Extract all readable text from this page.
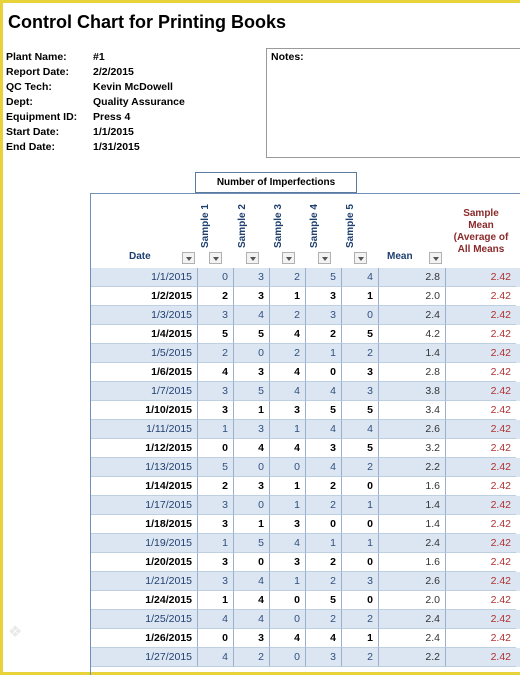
Control Chart for Printing Books
Plant Name:	#1
Report Date: 2/2/2015
QC Tech:	Kevin McDowell
Dept:	Quality Assurance
Equipment ID: Press 4
Start Date:	1/1/2015
End Date:	1/31/2015
Notes:
Number of Imperfections
Date
Sample 1	Sample 2	Sample 3	Sample 4	Sample 5
Mean
Sample Mean (Average of All Means
1/1/2015	0	3	2	5	4	2.8	2.42
1/2/2015	2	3	1	3	1	2.0	2.42
1/3/2015	3	4	2	3	0	2.4	2.42
1/4/2015	5	5	4	2	5	4.2	2.42
1/5/2015	2	0	2	1	2	1.4	2.42
1/6/2015	4	3	4	0	3	2.8	2.42
1/7/2015	3	5	4	4	3	3.8	2.42
1/10/2015	3	1	3	5	5	3.4	2.42
1/11/2015	1	3	1	4	4	2.6	2.42
1/12/2015	0	4	4	3	5	3.2	2.42
1/13/2015	5	0	0	4	2	2.2	2.42
1/14/2015	2	3	1	2	0	1.6	2.42
1/17/2015	3	0	1	2	1	1.4	2.42
1/18/2015	3	1	3	0	0	1.4	2.42
1/19/2015	1	5	4	1	1	2.4	2.42
1/20/2015	3	0	3	2	0	1.6	2.42
1/21/2015	3	4	1	2	3	2.6	2.42
1/24/2015	1	4	0	5	0	2.0	2.42
1/25/2015	4	4	0	2	2	2.4	2.42
1/26/2015	0	3	4	4	1	2.4	2.42
1/27/2015	4	2	0	3	2	2.2	2.42
❖
